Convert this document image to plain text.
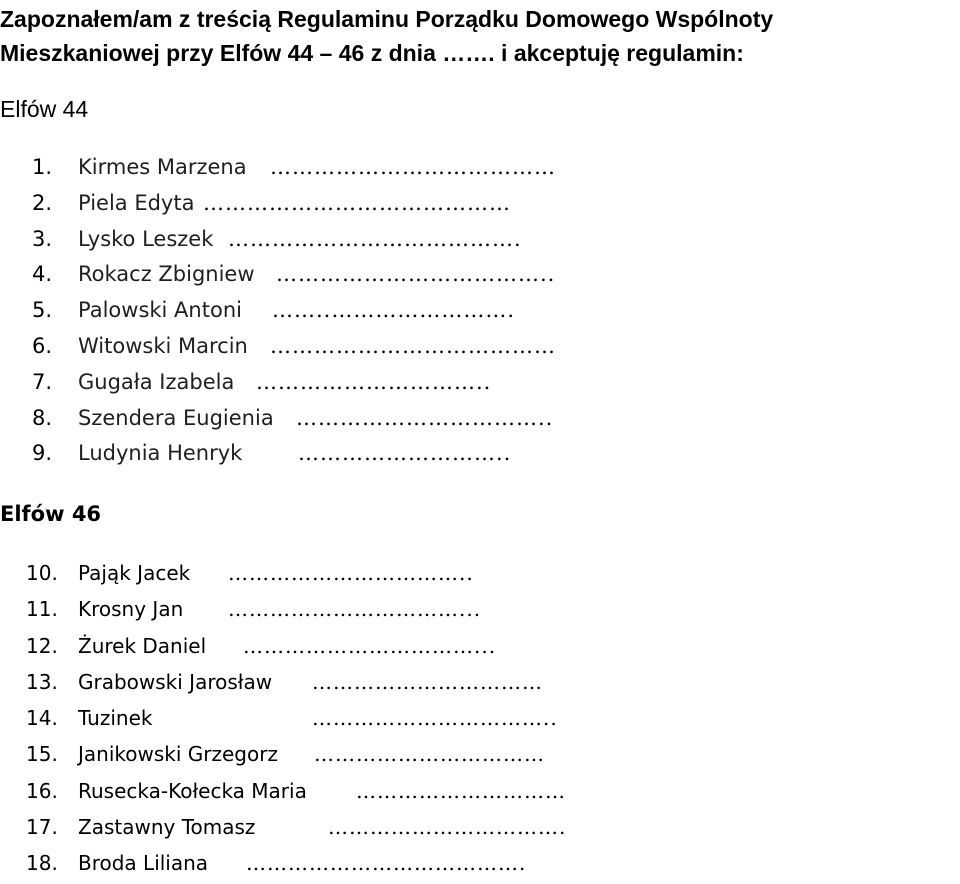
Zapoznałem/am z treścią Regulaminu Porządku Domowego Wspólnoty
Mieszkaniowej przy Elfów 44 – 46 z dnia ……. i akceptuję regulamin:
Elfów 44
1.	Kirmes Marzena …………………………………
2.	Piela Edyta ……………………………………
3.	Lysko Leszek ………………………………….
4.	Rokacz Zbigniew ………………………………..
5.	Palowski Antoni ……..…………………….
6.	Witowski Marcin …………………………………
7.	Gugała Izabela …………………………..
8.	Szendera Eugienia ……………………………..
9.	Ludynia Henryk	………………………..
Elfów 46
10.	Pająk Jacek ……………………………..
11.	Krosny Jan ……………………………...
12.	Żurek Daniel ……………………………...
13.	Grabowski Jarosław ……………………………
14.	Tuzinek	……………………………..
15.	Janikowski Grzegorz ……………………………
16.	Rusecka-Kołecka Maria …………………………
17.	Zastawny Tomasz	…………………………….
18.	Broda Liliana ………………………………….
